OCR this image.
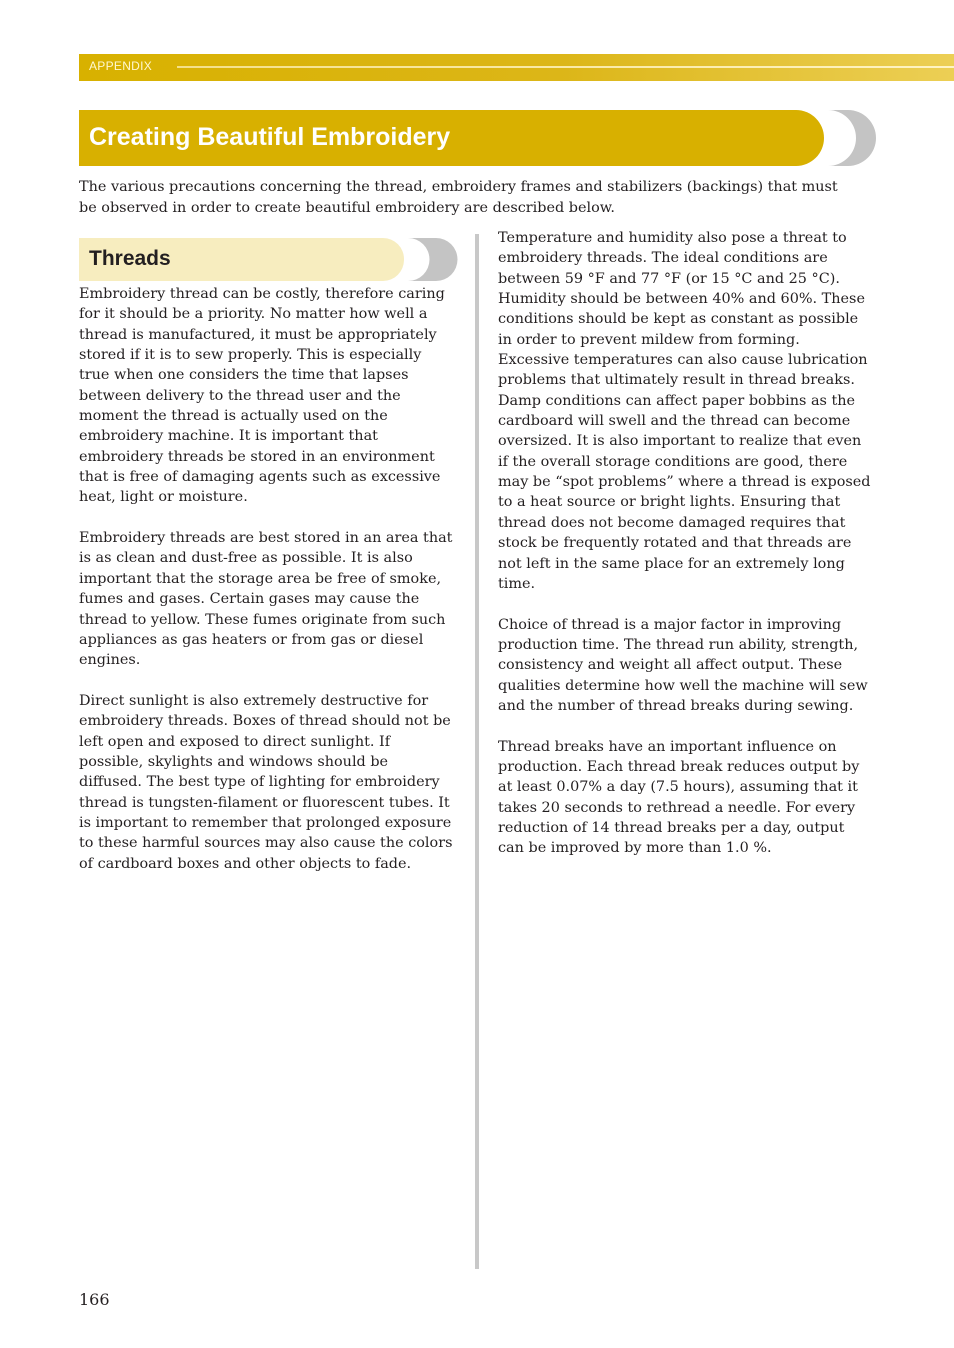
APPENDIX
Creating Beautiful Embroidery

The various precautions concerning the thread, embroidery frames and stabilizers (backings) that must be observed in order to create beautiful embroidery are described below.

Threads

Embroidery thread can be costly, therefore caring for it should be a priority. No matter how well a thread is manufactured, it must be appropriately stored if it is to sew properly. This is especially true when one considers the time that lapses between delivery to the thread user and the moment the thread is actually used on the embroidery machine. It is important that embroidery threads be stored in an environment that is free of damaging agents such as excessive heat, light or moisture.

Embroidery threads are best stored in an area that is as clean and dust-free as possible. It is also important that the storage area be free of smoke, fumes and gases. Certain gases may cause the thread to yellow. These fumes originate from such appliances as gas heaters or from gas or diesel engines.

Direct sunlight is also extremely destructive for embroidery threads. Boxes of thread should not be left open and exposed to direct sunlight. If possible, skylights and windows should be diffused. The best type of lighting for embroidery thread is tungsten-filament or fluorescent tubes. It is important to remember that prolonged exposure to these harmful sources may also cause the colors of cardboard boxes and other objects to fade.

Temperature and humidity also pose a threat to embroidery threads. The ideal conditions are between 59 °F and 77 °F (or 15 °C and 25 °C). Humidity should be between 40% and 60%. These conditions should be kept as constant as possible in order to prevent mildew from forming. Excessive temperatures can also cause lubrication problems that ultimately result in thread breaks. Damp conditions can affect paper bobbins as the cardboard will swell and the thread can become oversized. It is also important to realize that even if the overall storage conditions are good, there may be “spot problems” where a thread is exposed to a heat source or bright lights. Ensuring that thread does not become damaged requires that stock be frequently rotated and that threads are not left in the same place for an extremely long time.

Choice of thread is a major factor in improving production time. The thread run ability, strength, consistency and weight all affect output. These qualities determine how well the machine will sew and the number of thread breaks during sewing.

Thread breaks have an important influence on production. Each thread break reduces output by at least 0.07% a day (7.5 hours), assuming that it takes 20 seconds to rethread a needle. For every reduction of 14 thread breaks per a day, output can be improved by more than 1.0 %.

166
